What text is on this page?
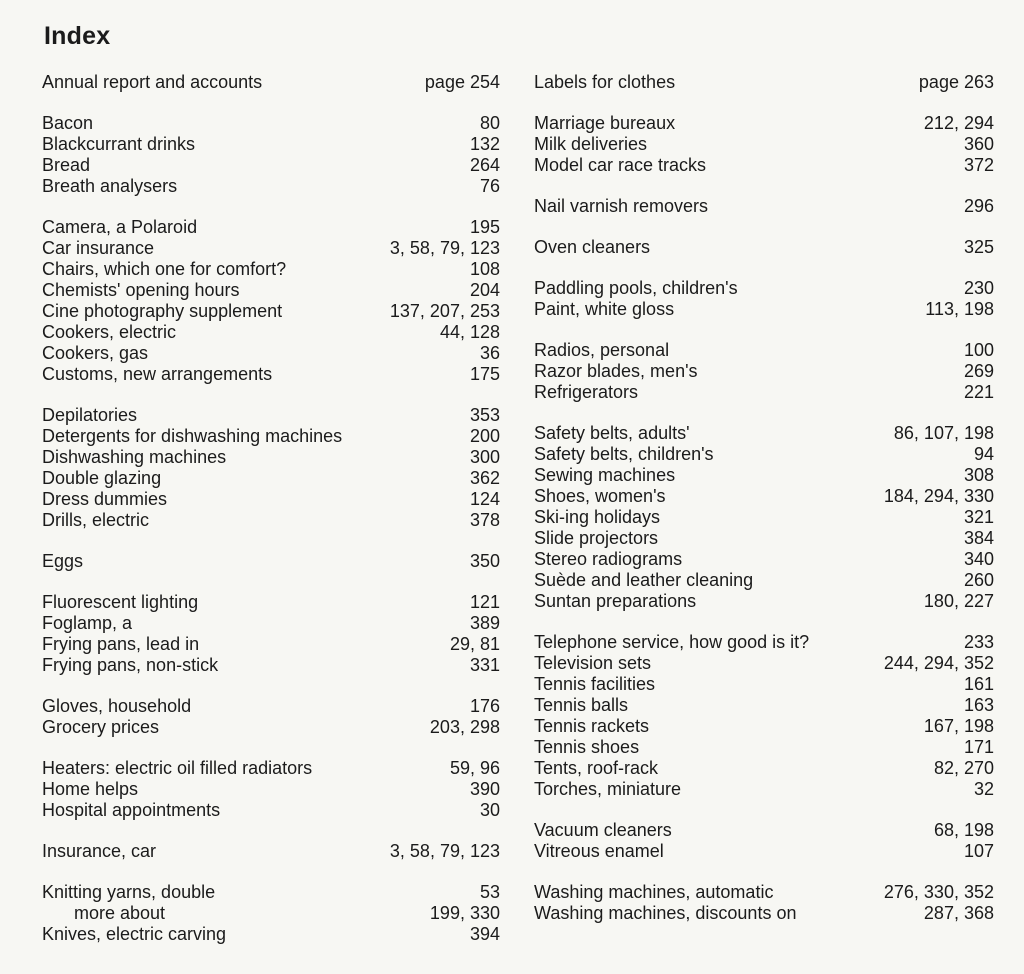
Index
Annual report and accounts	page 254
Bacon	80
Blackcurrant drinks	132
Bread	264
Breath analysers	76
Camera, a Polaroid	195
Car insurance	3, 58, 79, 123
Chairs, which one for comfort?	108
Chemists' opening hours	204
Cine photography supplement	137, 207, 253
Cookers, electric	44, 128
Cookers, gas	36
Customs, new arrangements	175
Depilatories	353
Detergents for dishwashing machines	200
Dishwashing machines	300
Double glazing	362
Dress dummies	124
Drills, electric	378
Eggs	350
Fluorescent lighting	121
Foglamp, a	389
Frying pans, lead in	29, 81
Frying pans, non-stick	331
Gloves, household	176
Grocery prices	203, 298
Heaters: electric oil filled radiators	59, 96
Home helps	390
Hospital appointments	30
Insurance, car	3, 58, 79, 123
Knitting yarns, double	53
more about	199, 330
Knives, electric carving	394
Labels for clothes	page 263
Marriage bureaux	212, 294
Milk deliveries	360
Model car race tracks	372
Nail varnish removers	296
Oven cleaners	325
Paddling pools, children's	230
Paint, white gloss	113, 198
Radios, personal	100
Razor blades, men's	269
Refrigerators	221
Safety belts, adults'	86, 107, 198
Safety belts, children's	94
Sewing machines	308
Shoes, women's	184, 294, 330
Ski-ing holidays	321
Slide projectors	384
Stereo radiograms	340
Suède and leather cleaning	260
Suntan preparations	180, 227
Telephone service, how good is it?	233
Television sets	244, 294, 352
Tennis facilities	161
Tennis balls	163
Tennis rackets	167, 198
Tennis shoes	171
Tents, roof-rack	82, 270
Torches, miniature	32
Vacuum cleaners	68, 198
Vitreous enamel	107
Washing machines, automatic	276, 330, 352
Washing machines, discounts on	287, 368
